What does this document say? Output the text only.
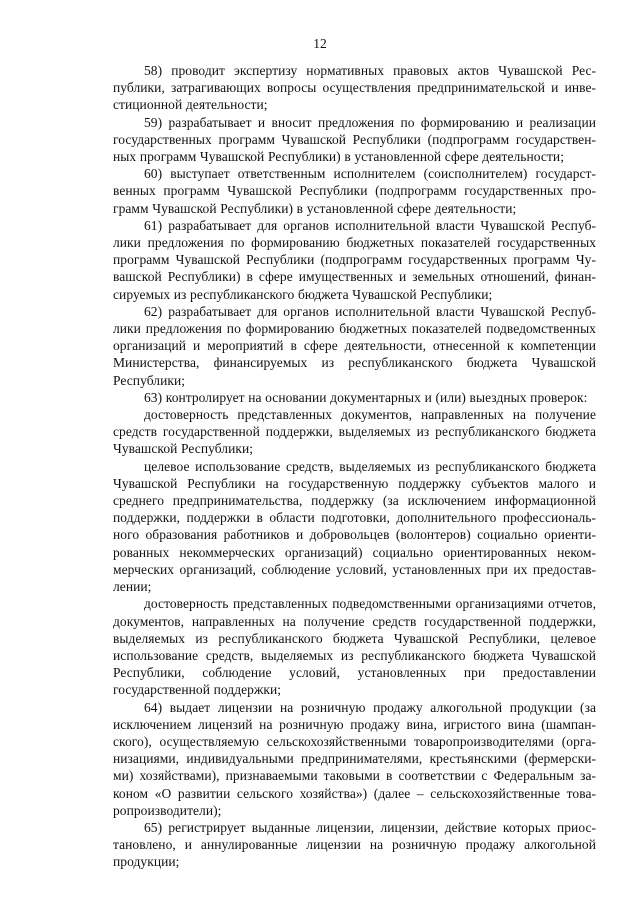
12

58) проводит экспертизу нормативных правовых актов Чувашской Республики, затрагивающих вопросы осуществления предпринимательской и инвестиционной деятельности;

59) разрабатывает и вносит предложения по формированию и реализации государственных программ Чувашской Республики (подпрограмм государственных программ Чувашской Республики) в установленной сфере деятельности;

60) выступает ответственным исполнителем (соисполнителем) государственных программ Чувашской Республики (подпрограмм государственных программ Чувашской Республики) в установленной сфере деятельности;

61) разрабатывает для органов исполнительной власти Чувашской Республики предложения по формированию бюджетных показателей государственных программ Чувашской Республики (подпрограмм государственных программ Чувашской Республики) в сфере имущественных и земельных отношений, финансируемых из республиканского бюджета Чувашской Республики;

62) разрабатывает для органов исполнительной власти Чувашской Республики предложения по формированию бюджетных показателей подведомственных организаций и мероприятий в сфере деятельности, отнесенной к компетенции Министерства, финансируемых из республиканского бюджета Чувашской Республики;

63) контролирует на основании документарных и (или) выездных проверок:

достоверность представленных документов, направленных на получение средств государственной поддержки, выделяемых из республиканского бюджета Чувашской Республики;

целевое использование средств, выделяемых из республиканского бюджета Чувашской Республики на государственную поддержку субъектов малого и среднего предпринимательства, поддержку (за исключением информационной поддержки, поддержки в области подготовки, дополнительного профессионального образования работников и добровольцев (волонтеров) социально ориентированных некоммерческих организаций) социально ориентированных некоммерческих организаций, соблюдение условий, установленных при их предоставлении;

достоверность представленных подведомственными организациями отчетов, документов, направленных на получение средств государственной поддержки, выделяемых из республиканского бюджета Чувашской Республики, целевое использование средств, выделяемых из республиканского бюджета Чувашской Республики, соблюдение условий, установленных при предоставлении государственной поддержки;

64) выдает лицензии на розничную продажу алкогольной продукции (за исключением лицензий на розничную продажу вина, игристого вина (шампанского), осуществляемую сельскохозяйственными товаропроизводителями (организациями, индивидуальными предпринимателями, крестьянскими (фермерскими) хозяйствами), признаваемыми таковыми в соответствии с Федеральным законом «О развитии сельского хозяйства») (далее – сельскохозяйственные товаропроизводители);

65) регистрирует выданные лицензии, лицензии, действие которых приостановлено, и аннулированные лицензии на розничную продажу алкогольной продукции;
